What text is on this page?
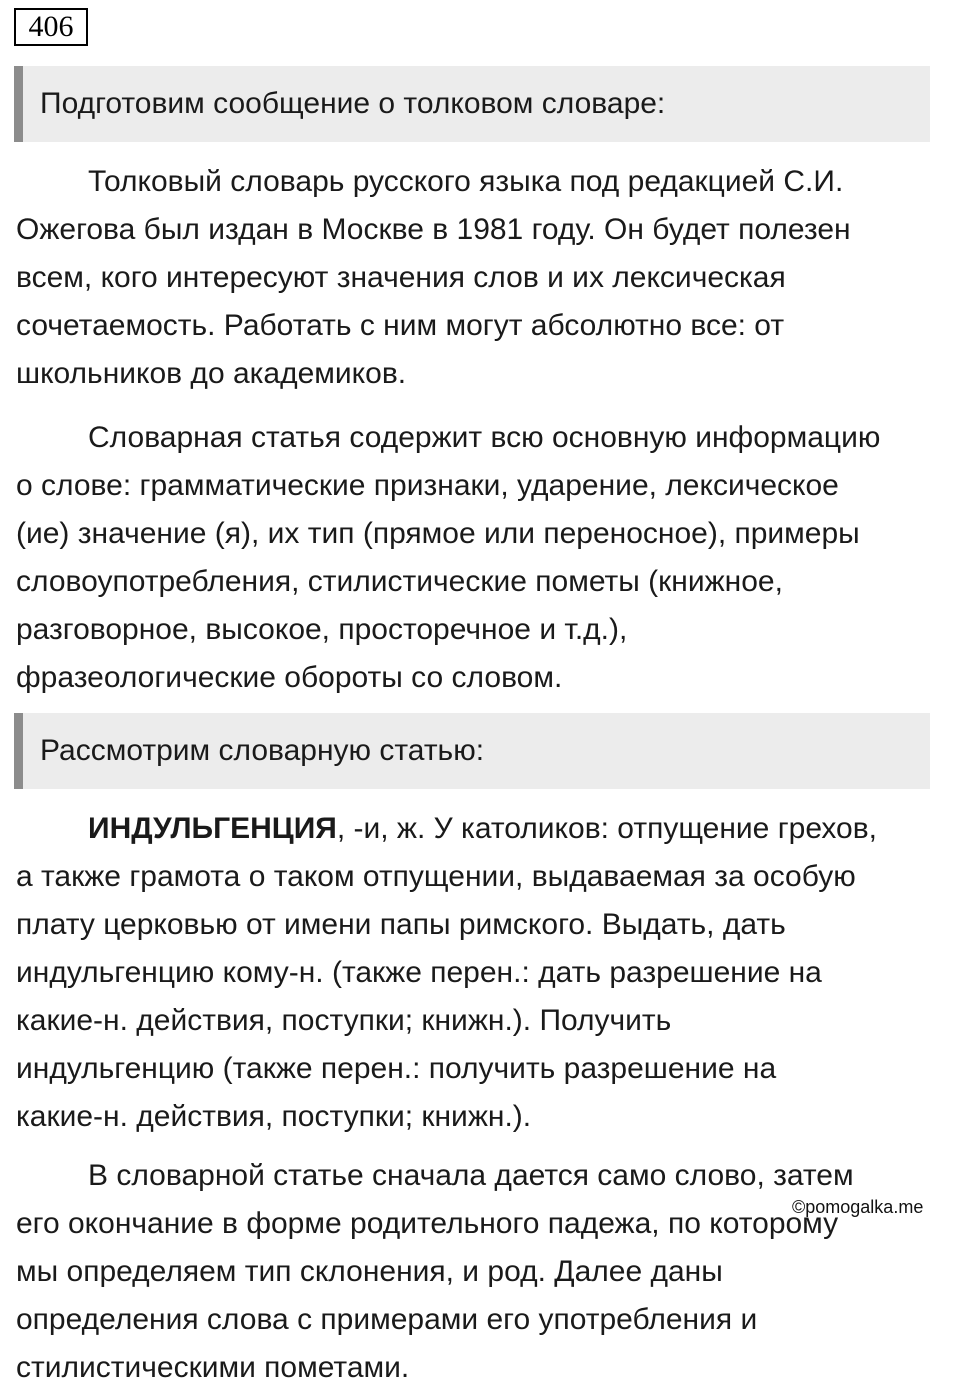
406
Подготовим сообщение о толковом словаре:
Толковый словарь русского языка под редакцией С.И.
Ожегова был издан в Москве в 1981 году. Он будет полезен
всем, кого интересуют значения слов и их лексическая
сочетаемость. Работать с ним могут абсолютно все: от
школьников до академиков.
Словарная статья содержит всю основную информацию
о слове: грамматические признаки, ударение, лексическое
(ие) значение (я), их тип (прямое или переносное), примеры
словоупотребления, стилистические пометы (книжное,
разговорное, высокое, просторечное и т.д.),
фразеологические обороты со словом.
Рассмотрим словарную статью:
ИНДУЛЬГЕНЦИЯ, -и, ж. У католиков: отпущение грехов,
а также грамота о таком отпущении, выдаваемая за особую
плату церковью от имени папы римского. Выдать, дать
индульгенцию кому-н. (также перен.: дать разрешение на
какие-н. действия, поступки; книжн.). Получить
индульгенцию (также перен.: получить разрешение на
какие-н. действия, поступки; книжн.).
В словарной статье сначала дается само слово, затем
его окончание в форме родительного падежа, по которому
мы определяем тип склонения, и род. Далее даны
определения слова с примерами его употребления и
стилистическими пометами.
©pomogalka.me
